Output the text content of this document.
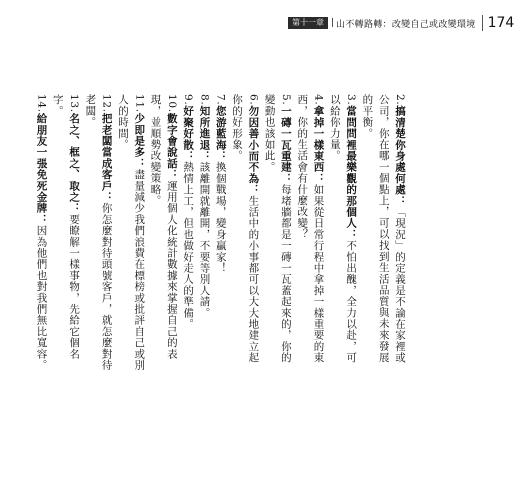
第十一章 | 山不轉路轉：改變自己或改變環境 174

2.搞清楚你身處何處：「現況」的定義是不論在家裡或公司，你在哪一個點上，可以找到生活品質與未來發展的平衡。

3.當問問裡最樂觀的那個人：不怕出醜，全力以赴，可以給你力量。

4.拿掉一樣東西：如果從日常行程中拿掉一樣重要的東西，你的生活會有什麼改變？

5.一磚一瓦重建：每堵牆都是一磚一瓦蓋起來的，你的變動也該如此。

6.勿因善小而不為：生活中的小事都可以大大地建立起你的好形象。

7.您游藍海：換個戰場，變身贏家！

8.知所進退：該離開就離開，不要等別人請。

9.好聚好散：熱情上工，但也做好走人的準備。

10.數字會說話：運用個人化統計數據來掌握自己的表現，並順勢改變策略。

11.少即是多：盡量減少我們浪費在標榜或批評自己或別人的時間。

12.把老闆當成客戶：你怎麼對待頭號客戶，就怎麼對待老闆。

13.名之、框之、取之：要瞭解一樣事物，先給它個名字。

14.給朋友一張免死金牌：因為他們也對我們無比寬容。
